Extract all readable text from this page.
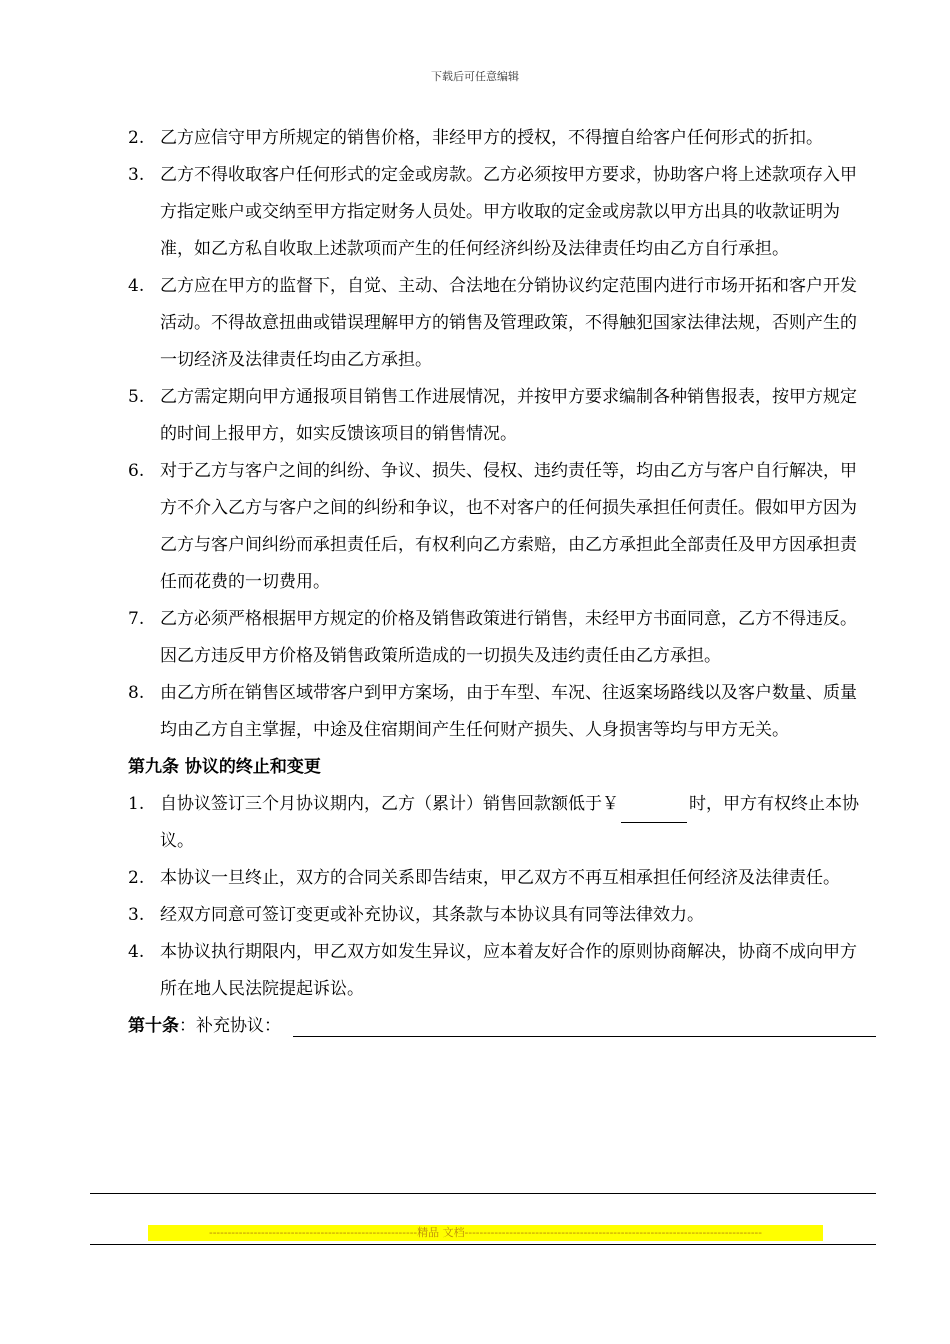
下载后可任意编辑

2. 乙方应信守甲方所规定的销售价格，非经甲方的授权，不得擅自给客户任何形式的折扣。

3. 乙方不得收取客户任何形式的定金或房款。乙方必须按甲方要求，协助客户将上述款项存入甲方指定账户或交纳至甲方指定财务人员处。甲方收取的定金或房款以甲方出具的收款证明为准，如乙方私自收取上述款项而产生的任何经济纠纷及法律责任均由乙方自行承担。

4. 乙方应在甲方的监督下，自觉、主动、合法地在分销协议约定范围内进行市场开拓和客户开发活动。不得故意扭曲或错误理解甲方的销售及管理政策，不得触犯国家法律法规，否则产生的一切经济及法律责任均由乙方承担。

5. 乙方需定期向甲方通报项目销售工作进展情况，并按甲方要求编制各种销售报表，按甲方规定的时间上报甲方，如实反馈该项目的销售情况。

6. 对于乙方与客户之间的纠纷、争议、损失、侵权、违约责任等，均由乙方与客户自行解决，甲方不介入乙方与客户之间的纠纷和争议，也不对客户的任何损失承担任何责任。假如甲方因为乙方与客户间纠纷而承担责任后，有权利向乙方索赔，由乙方承担此全部责任及甲方因承担责任而花费的一切费用。

7. 乙方必须严格根据甲方规定的价格及销售政策进行销售，未经甲方书面同意，乙方不得违反。因乙方违反甲方价格及销售政策所造成的一切损失及违约责任由乙方承担。

8. 由乙方所在销售区域带客户到甲方案场，由于车型、车况、往返案场路线以及客户数量、质量均由乙方自主掌握，中途及住宿期间产生任何财产损失、人身损害等均与甲方无关。

第九条 协议的终止和变更

1. 自协议签订三个月协议期内，乙方（累计）销售回款额低于￥	时，甲方有权终止本协议。

2. 本协议一旦终止，双方的合同关系即告结束，甲乙双方不再互相承担任何经济及法律责任。

3. 经双方同意可签订变更或补充协议，其条款与本协议具有同等法律效力。

4. 本协议执行期限内，甲乙双方如发生异议，应本着友好合作的原则协商解决，协商不成向甲方所在地人民法院提起诉讼。

第十条 ：补充协议：
--------------------------------------------------------精品 文档--------------------------------------------------------------------------------
